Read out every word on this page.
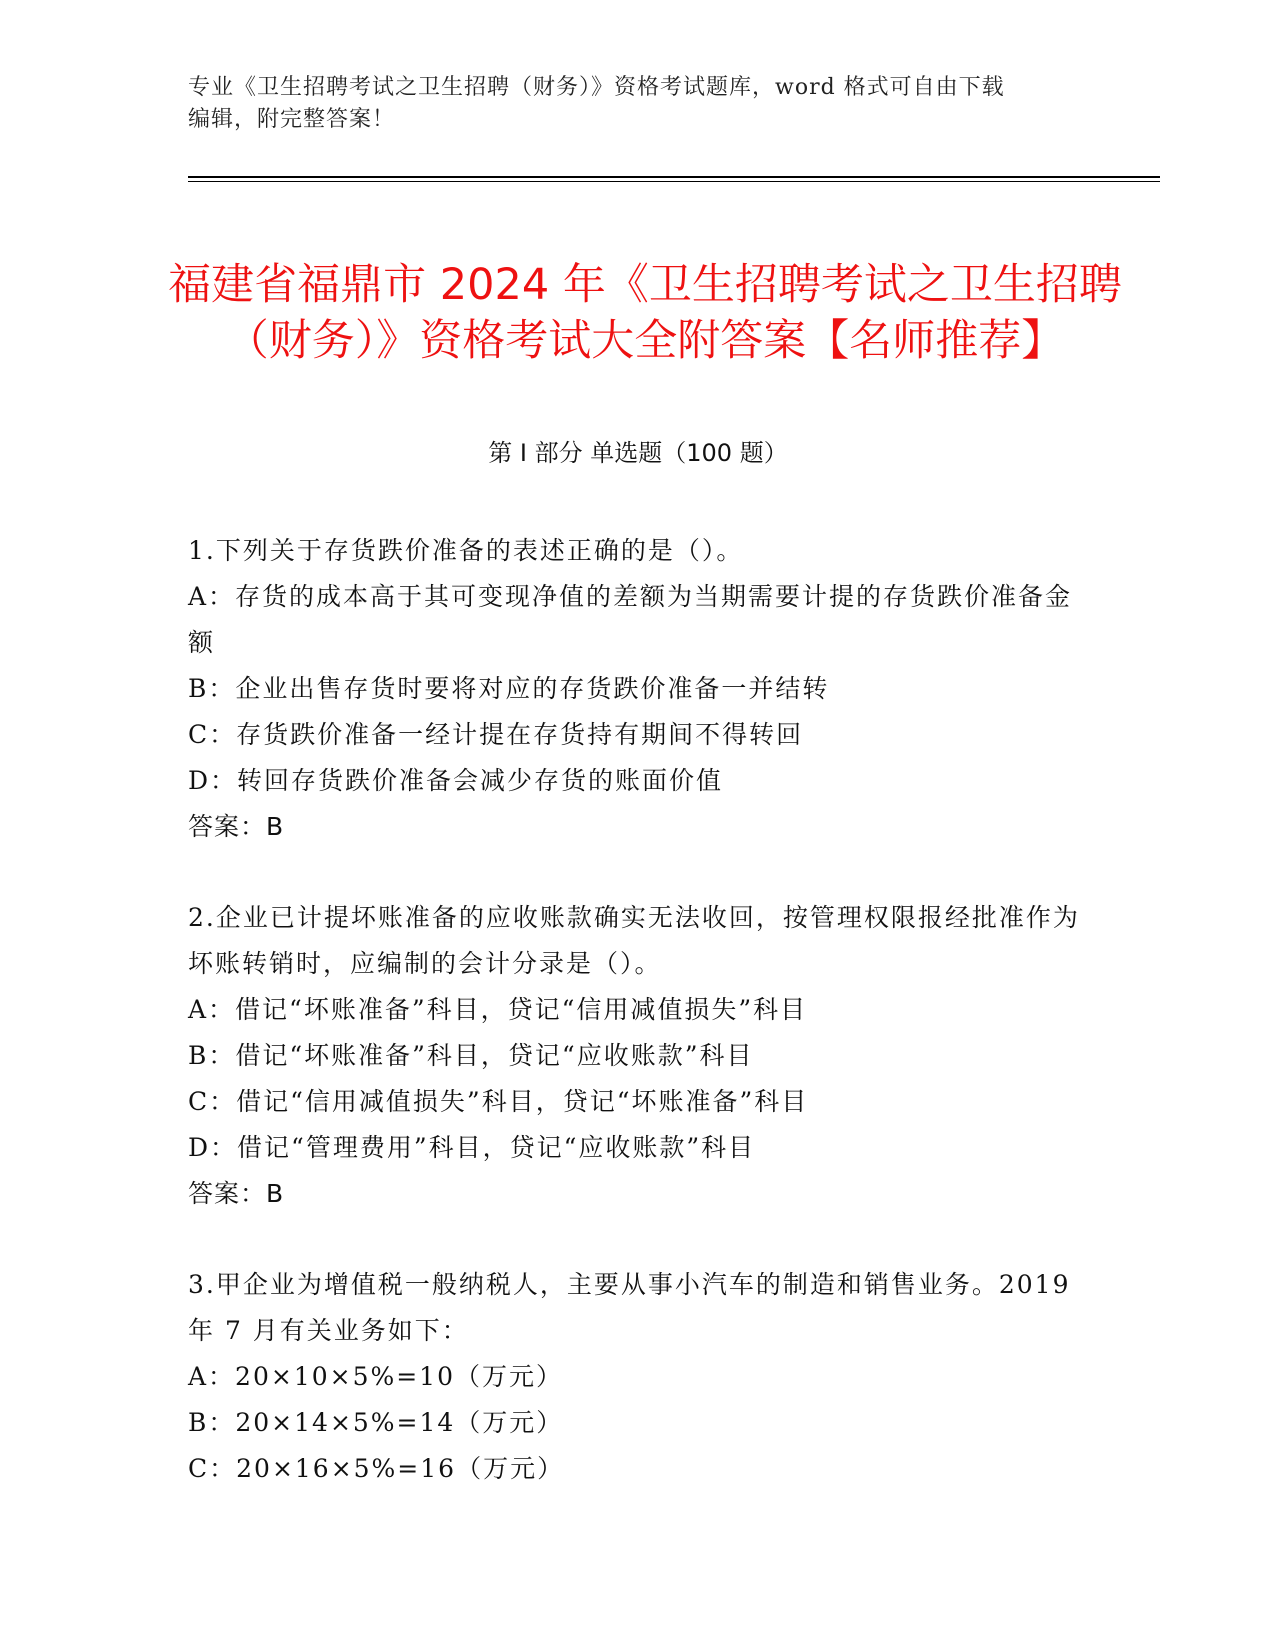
专业《卫生招聘考试之卫生招聘（财务）》资格考试题库，word 格式可自由下载
编辑，附完整答案！
福建省福鼎市 2024 年《卫生招聘考试之卫生招聘（财务）》资格考试大全附答案【名师推荐】
第 I 部分 单选题（100 题）

1.下列关于存货跌价准备的表述正确的是（）。

A：存货的成本高于其可变现净值的差额为当期需要计提的存货跌价准备金额

B：企业出售存货时要将对应的存货跌价准备一并结转

C：存货跌价准备一经计提在存货持有期间不得转回

D：转回存货跌价准备会减少存货的账面价值

答案：B

2.企业已计提坏账准备的应收账款确实无法收回，按管理权限报经批准作为坏账转销时，应编制的会计分录是（）。

A：借记“坏账准备”科目，贷记“信用减值损失”科目

B：借记“坏账准备”科目，贷记“应收账款”科目

C：借记“信用减值损失”科目，贷记“坏账准备”科目

D：借记“管理费用”科目，贷记“应收账款”科目

答案：B

3.甲企业为增值税一般纳税人，主要从事小汽车的制造和销售业务。2019 年 7 月有关业务如下：

A：20×10×5%=10（万元）

B：20×14×5%=14（万元）

C：20×16×5%=16（万元）
